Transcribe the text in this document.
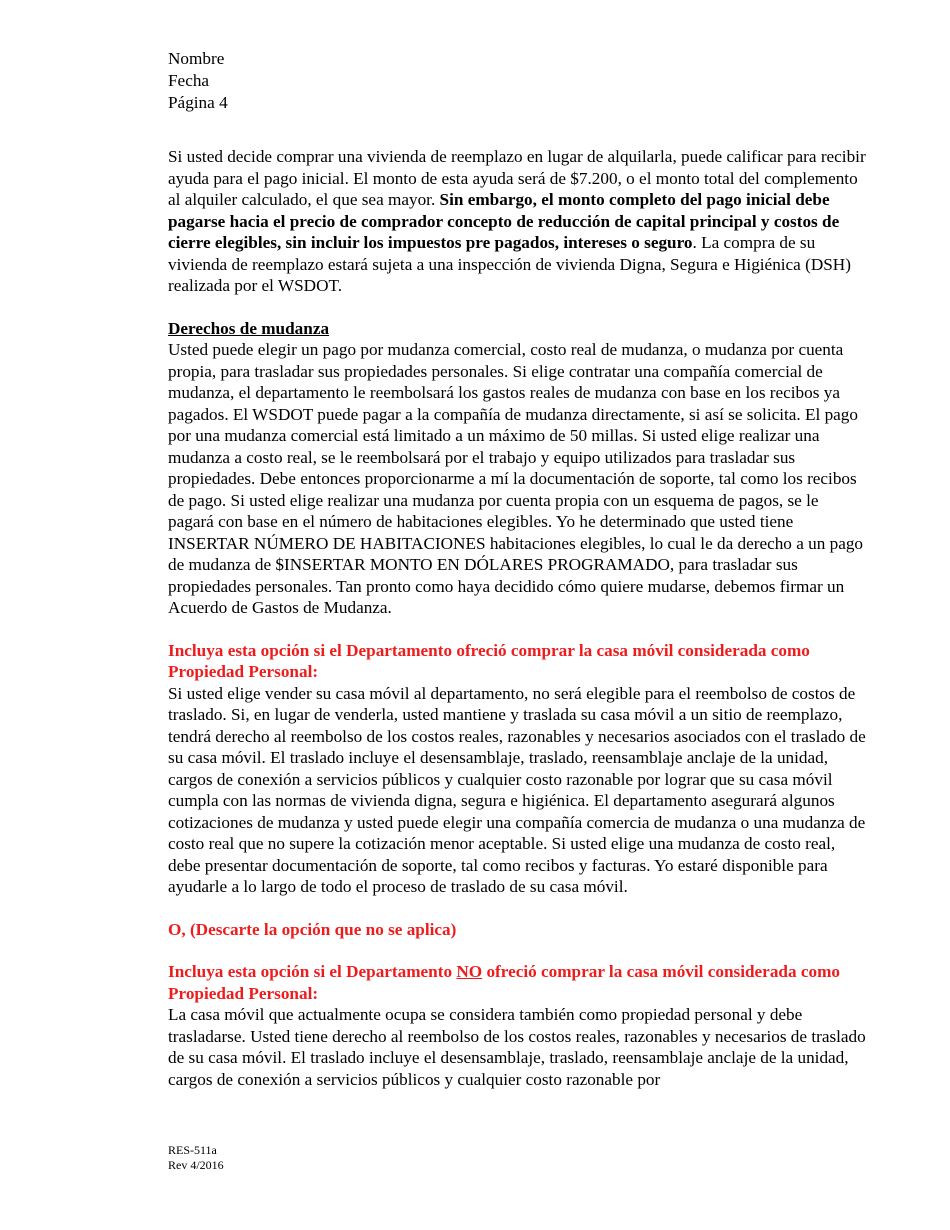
Nombre
Fecha
Página 4

Si usted decide comprar una vivienda de reemplazo en lugar de alquilarla, puede calificar para recibir ayuda para el pago inicial. El monto de esta ayuda será de $7.200, o el monto total del complemento al alquiler calculado, el que sea mayor. Sin embargo, el monto completo del pago inicial debe pagarse hacia el precio de comprador concepto de reducción de capital principal y costos de cierre elegibles, sin incluir los impuestos pre pagados, intereses o seguro. La compra de su vivienda de reemplazo estará sujeta a una inspección de vivienda Digna, Segura e Higiénica (DSH) realizada por el WSDOT.

Derechos de mudanza

Usted puede elegir un pago por mudanza comercial, costo real de mudanza, o mudanza por cuenta propia, para trasladar sus propiedades personales. Si elige contratar una compañía comercial de mudanza, el departamento le reembolsará los gastos reales de mudanza con base en los recibos ya pagados. El WSDOT puede pagar a la compañía de mudanza directamente, si así se solicita. El pago por una mudanza comercial está limitado a un máximo de 50 millas. Si usted elige realizar una mudanza a costo real, se le reembolsará por el trabajo y equipo utilizados para trasladar sus propiedades. Debe entonces proporcionarme a mí la documentación de soporte, tal como los recibos de pago. Si usted elige realizar una mudanza por cuenta propia con un esquema de pagos, se le pagará con base en el número de habitaciones elegibles. Yo he determinado que usted tiene INSERTAR NÚMERO DE HABITACIONES habitaciones elegibles, lo cual le da derecho a un pago de mudanza de $INSERTAR MONTO EN DÓLARES PROGRAMADO, para trasladar sus propiedades personales. Tan pronto como haya decidido cómo quiere mudarse, debemos firmar un Acuerdo de Gastos de Mudanza.

Incluya esta opción si el Departamento ofreció comprar la casa móvil considerada como Propiedad Personal:

Si usted elige vender su casa móvil al departamento, no será elegible para el reembolso de costos de traslado. Si, en lugar de venderla, usted mantiene y traslada su casa móvil a un sitio de reemplazo, tendrá derecho al reembolso de los costos reales, razonables y necesarios asociados con el traslado de su casa móvil. El traslado incluye el desensamblaje, traslado, reensamblaje anclaje de la unidad, cargos de conexión a servicios públicos y cualquier costo razonable por lograr que su casa móvil cumpla con las normas de vivienda digna, segura e higiénica. El departamento asegurará algunos cotizaciones de mudanza y usted puede elegir una compañía comercia de mudanza o una mudanza de costo real que no supere la cotización menor aceptable. Si usted elige una mudanza de costo real, debe presentar documentación de soporte, tal como recibos y facturas. Yo estaré disponible para ayudarle a lo largo de todo el proceso de traslado de su casa móvil.

O, (Descarte la opción que no se aplica)

Incluya esta opción si el Departamento NO ofreció comprar la casa móvil considerada como Propiedad Personal:

La casa móvil que actualmente ocupa se considera también como propiedad personal y debe trasladarse. Usted tiene derecho al reembolso de los costos reales, razonables y necesarios de traslado de su casa móvil. El traslado incluye el desensamblaje, traslado, reensamblaje anclaje de la unidad, cargos de conexión a servicios públicos y cualquier costo razonable por

RES-511a
Rev 4/2016
